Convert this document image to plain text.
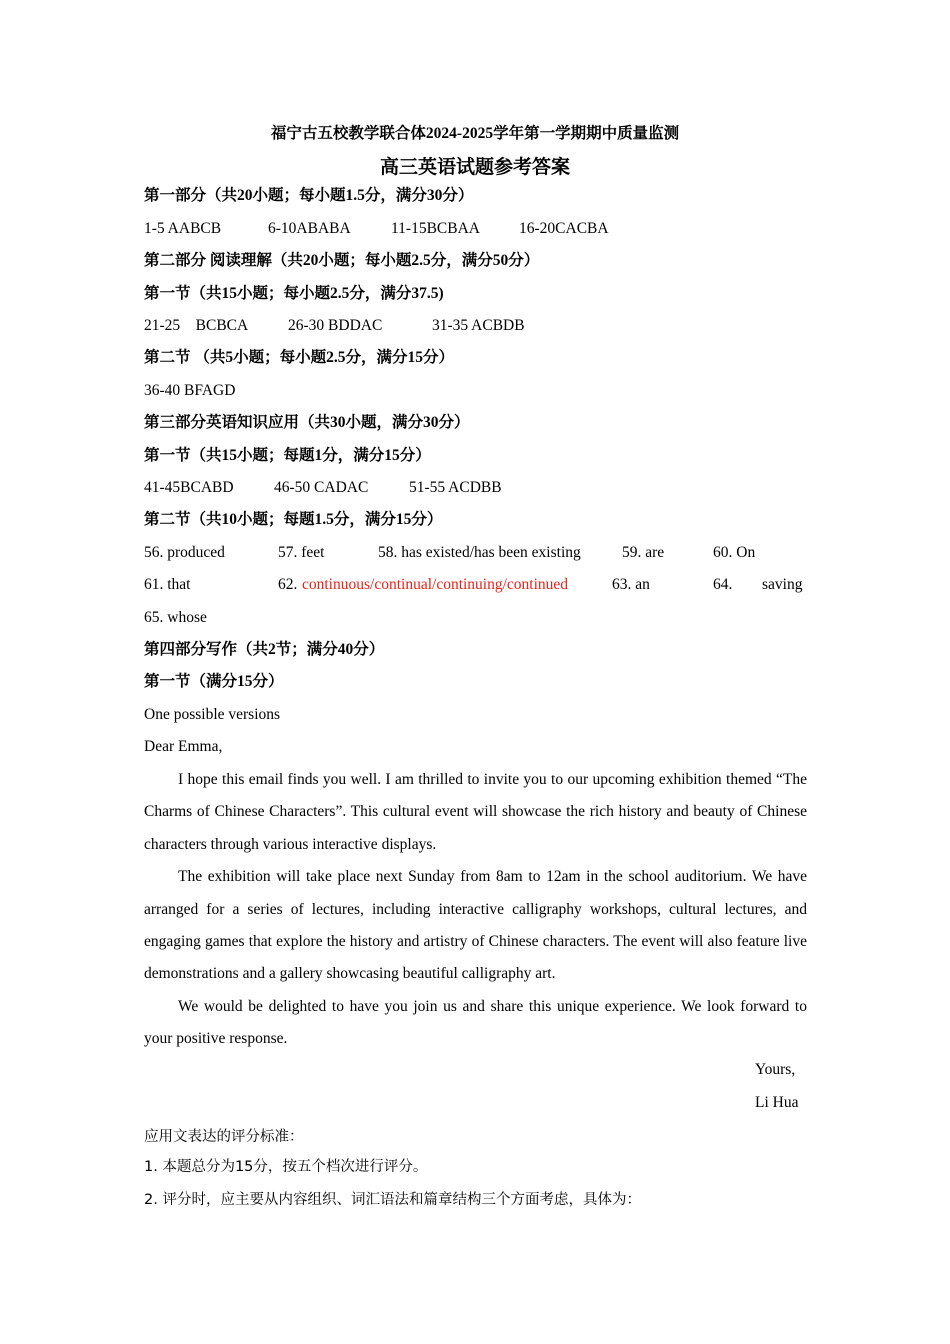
福宁古五校教学联合体2024-2025学年第一学期期中质量监测
高三英语试题参考答案
第一部分（共20小题；每小题1.5分，满分30分）
1-5 AABCB	6-10ABABA	11-15BCBAA	16-20CACBA
第二部分 阅读理解（共20小题；每小题2.5分，满分50分）
第一节（共15小题；每小题2.5分，满分37.5)
21-25    BCBCA	26-30 BDDAC	31-35 ACBDB
第二节 （共5小题；每小题2.5分，满分15分）
36-40 BFAGD
第三部分英语知识应用（共30小题，满分30分）
第一节（共15小题；每题1分，满分15分）
41-45BCABD	46-50 CADAC	51-55 ACDBB
第二节（共10小题；每题1.5分，满分15分）
56. produced	57. feet	58. has existed/has been existing	59. are	60. On
61. that	62. continuous/continual/continuing/continued	63. an	64. saving
65. whose
第四部分写作（共2节；满分40分）
第一节（满分15分）
One possible versions
Dear Emma,

I hope this email finds you well. I am thrilled to invite you to our upcoming exhibition themed “The Charms of Chinese Characters”. This cultural event will showcase the rich history and beauty of Chinese characters through various interactive displays.

The exhibition will take place next Sunday from 8am to 12am in the school auditorium. We have arranged for a series of lectures, including interactive calligraphy workshops, cultural lectures, and engaging games that explore the history and artistry of Chinese characters. The event will also feature live demonstrations and a gallery showcasing beautiful calligraphy art.

We would be delighted to have you join us and share this unique experience. We look forward to your positive response.

Yours,
Li Hua
应用文表达的评分标准：
1. 本题总分为15分，按五个档次进行评分。
2. 评分时，应主要从内容组织、词汇语法和篇章结构三个方面考虑，具体为：
